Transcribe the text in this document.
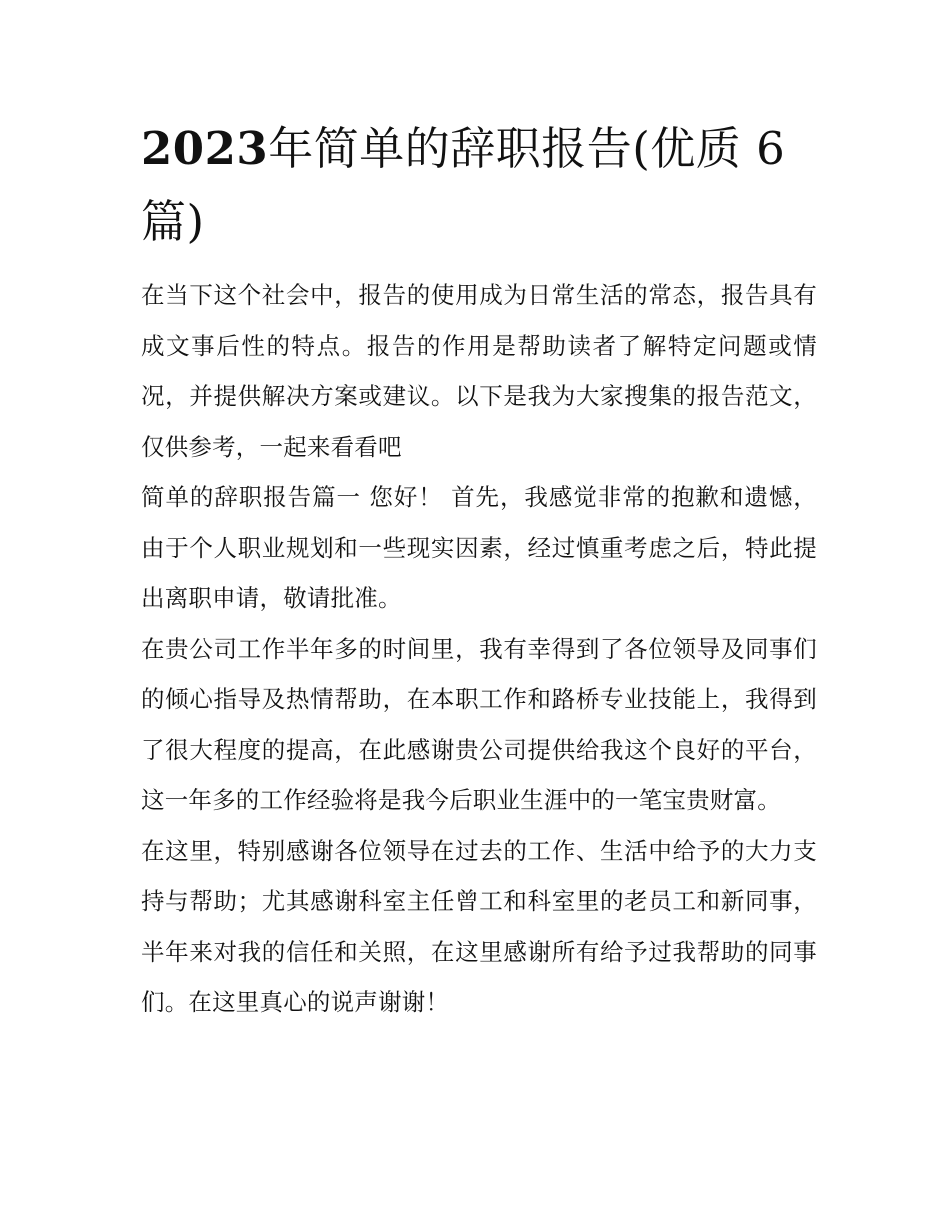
2023年简单的辞职报告(优质 6 篇)

在当下这个社会中，报告的使用成为日常生活的常态，报告具有成文事后性的特点。报告的作用是帮助读者了解特定问题或情况，并提供解决方案或建议。以下是我为大家搜集的报告范文，仅供参考，一起来看看吧

简单的辞职报告篇一 您好！ 首先，我感觉非常的抱歉和遗憾，由于个人职业规划和一些现实因素，经过慎重考虑之后，特此提出离职申请，敬请批准。

在贵公司工作半年多的时间里，我有幸得到了各位领导及同事们的倾心指导及热情帮助，在本职工作和路桥专业技能上，我得到了很大程度的提高，在此感谢贵公司提供给我这个良好的平台，这一年多的工作经验将是我今后职业生涯中的一笔宝贵财富。

在这里，特别感谢各位领导在过去的工作、生活中给予的大力支持与帮助；尤其感谢科室主任曾工和科室里的老员工和新同事，半年来对我的信任和关照，在这里感谢所有给予过我帮助的同事们。在这里真心的说声谢谢！
